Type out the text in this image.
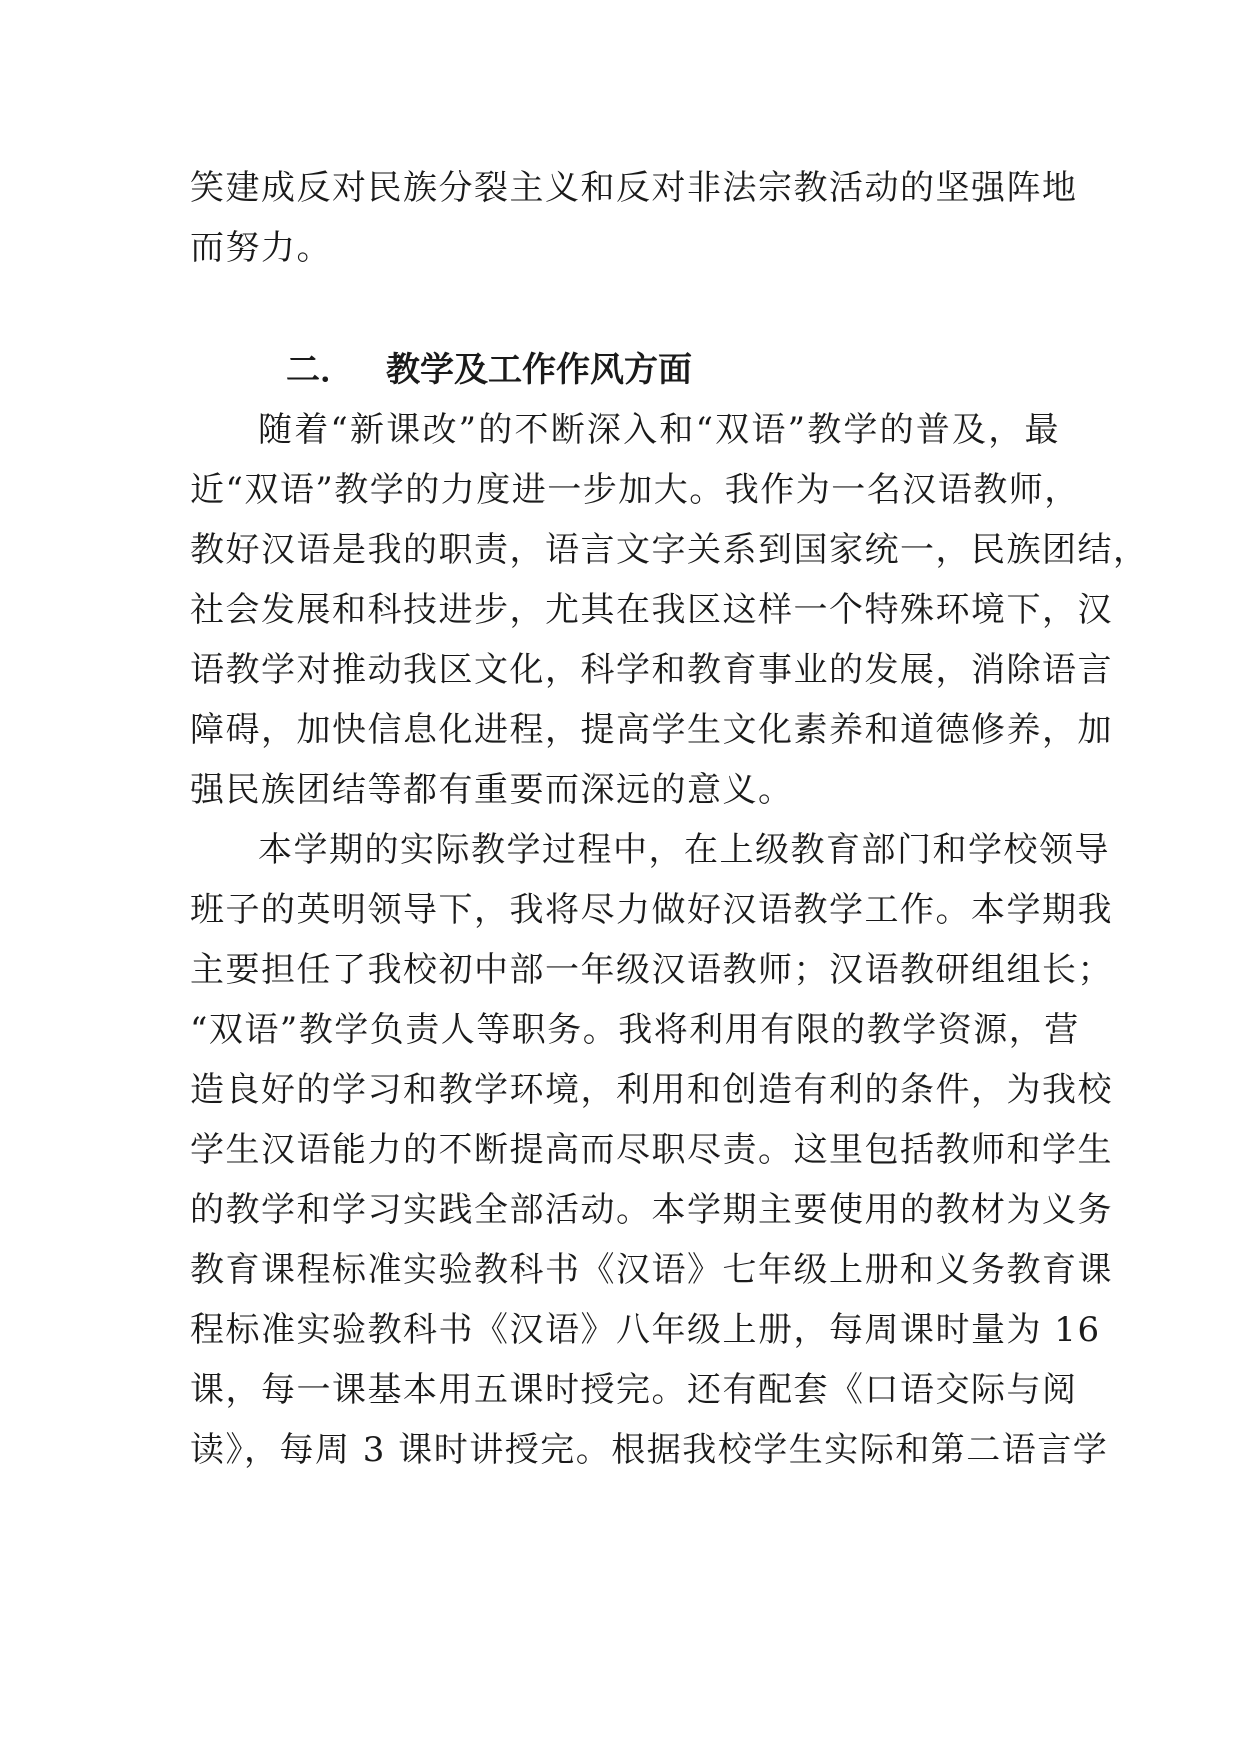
笑建成反对民族分裂主义和反对非法宗教活动的坚强阵地
而努力。
二． 教学及工作作风方面
随着“新课改”的不断深入和“双语”教学的普及，最
近“双语”教学的力度进一步加大。我作为一名汉语教师，
教好汉语是我的职责，语言文字关系到国家统一，民族团结，
社会发展和科技进步，尤其在我区这样一个特殊环境下，汉
语教学对推动我区文化，科学和教育事业的发展，消除语言
障碍，加快信息化进程，提高学生文化素养和道德修养，加
强民族团结等都有重要而深远的意义。
本学期的实际教学过程中，在上级教育部门和学校领导
班子的英明领导下，我将尽力做好汉语教学工作。本学期我
主要担任了我校初中部一年级汉语教师；汉语教研组组长；
“双语”教学负责人等职务。我将利用有限的教学资源，营
造良好的学习和教学环境，利用和创造有利的条件，为我校
学生汉语能力的不断提高而尽职尽责。这里包括教师和学生
的教学和学习实践全部活动。本学期主要使用的教材为义务
教育课程标准实验教科书《汉语》七年级上册和义务教育课
程标准实验教科书《汉语》八年级上册，每周课时量为 16
课，每一课基本用五课时授完。还有配套《口语交际与阅
读》，每周 3 课时讲授完。根据我校学生实际和第二语言学
